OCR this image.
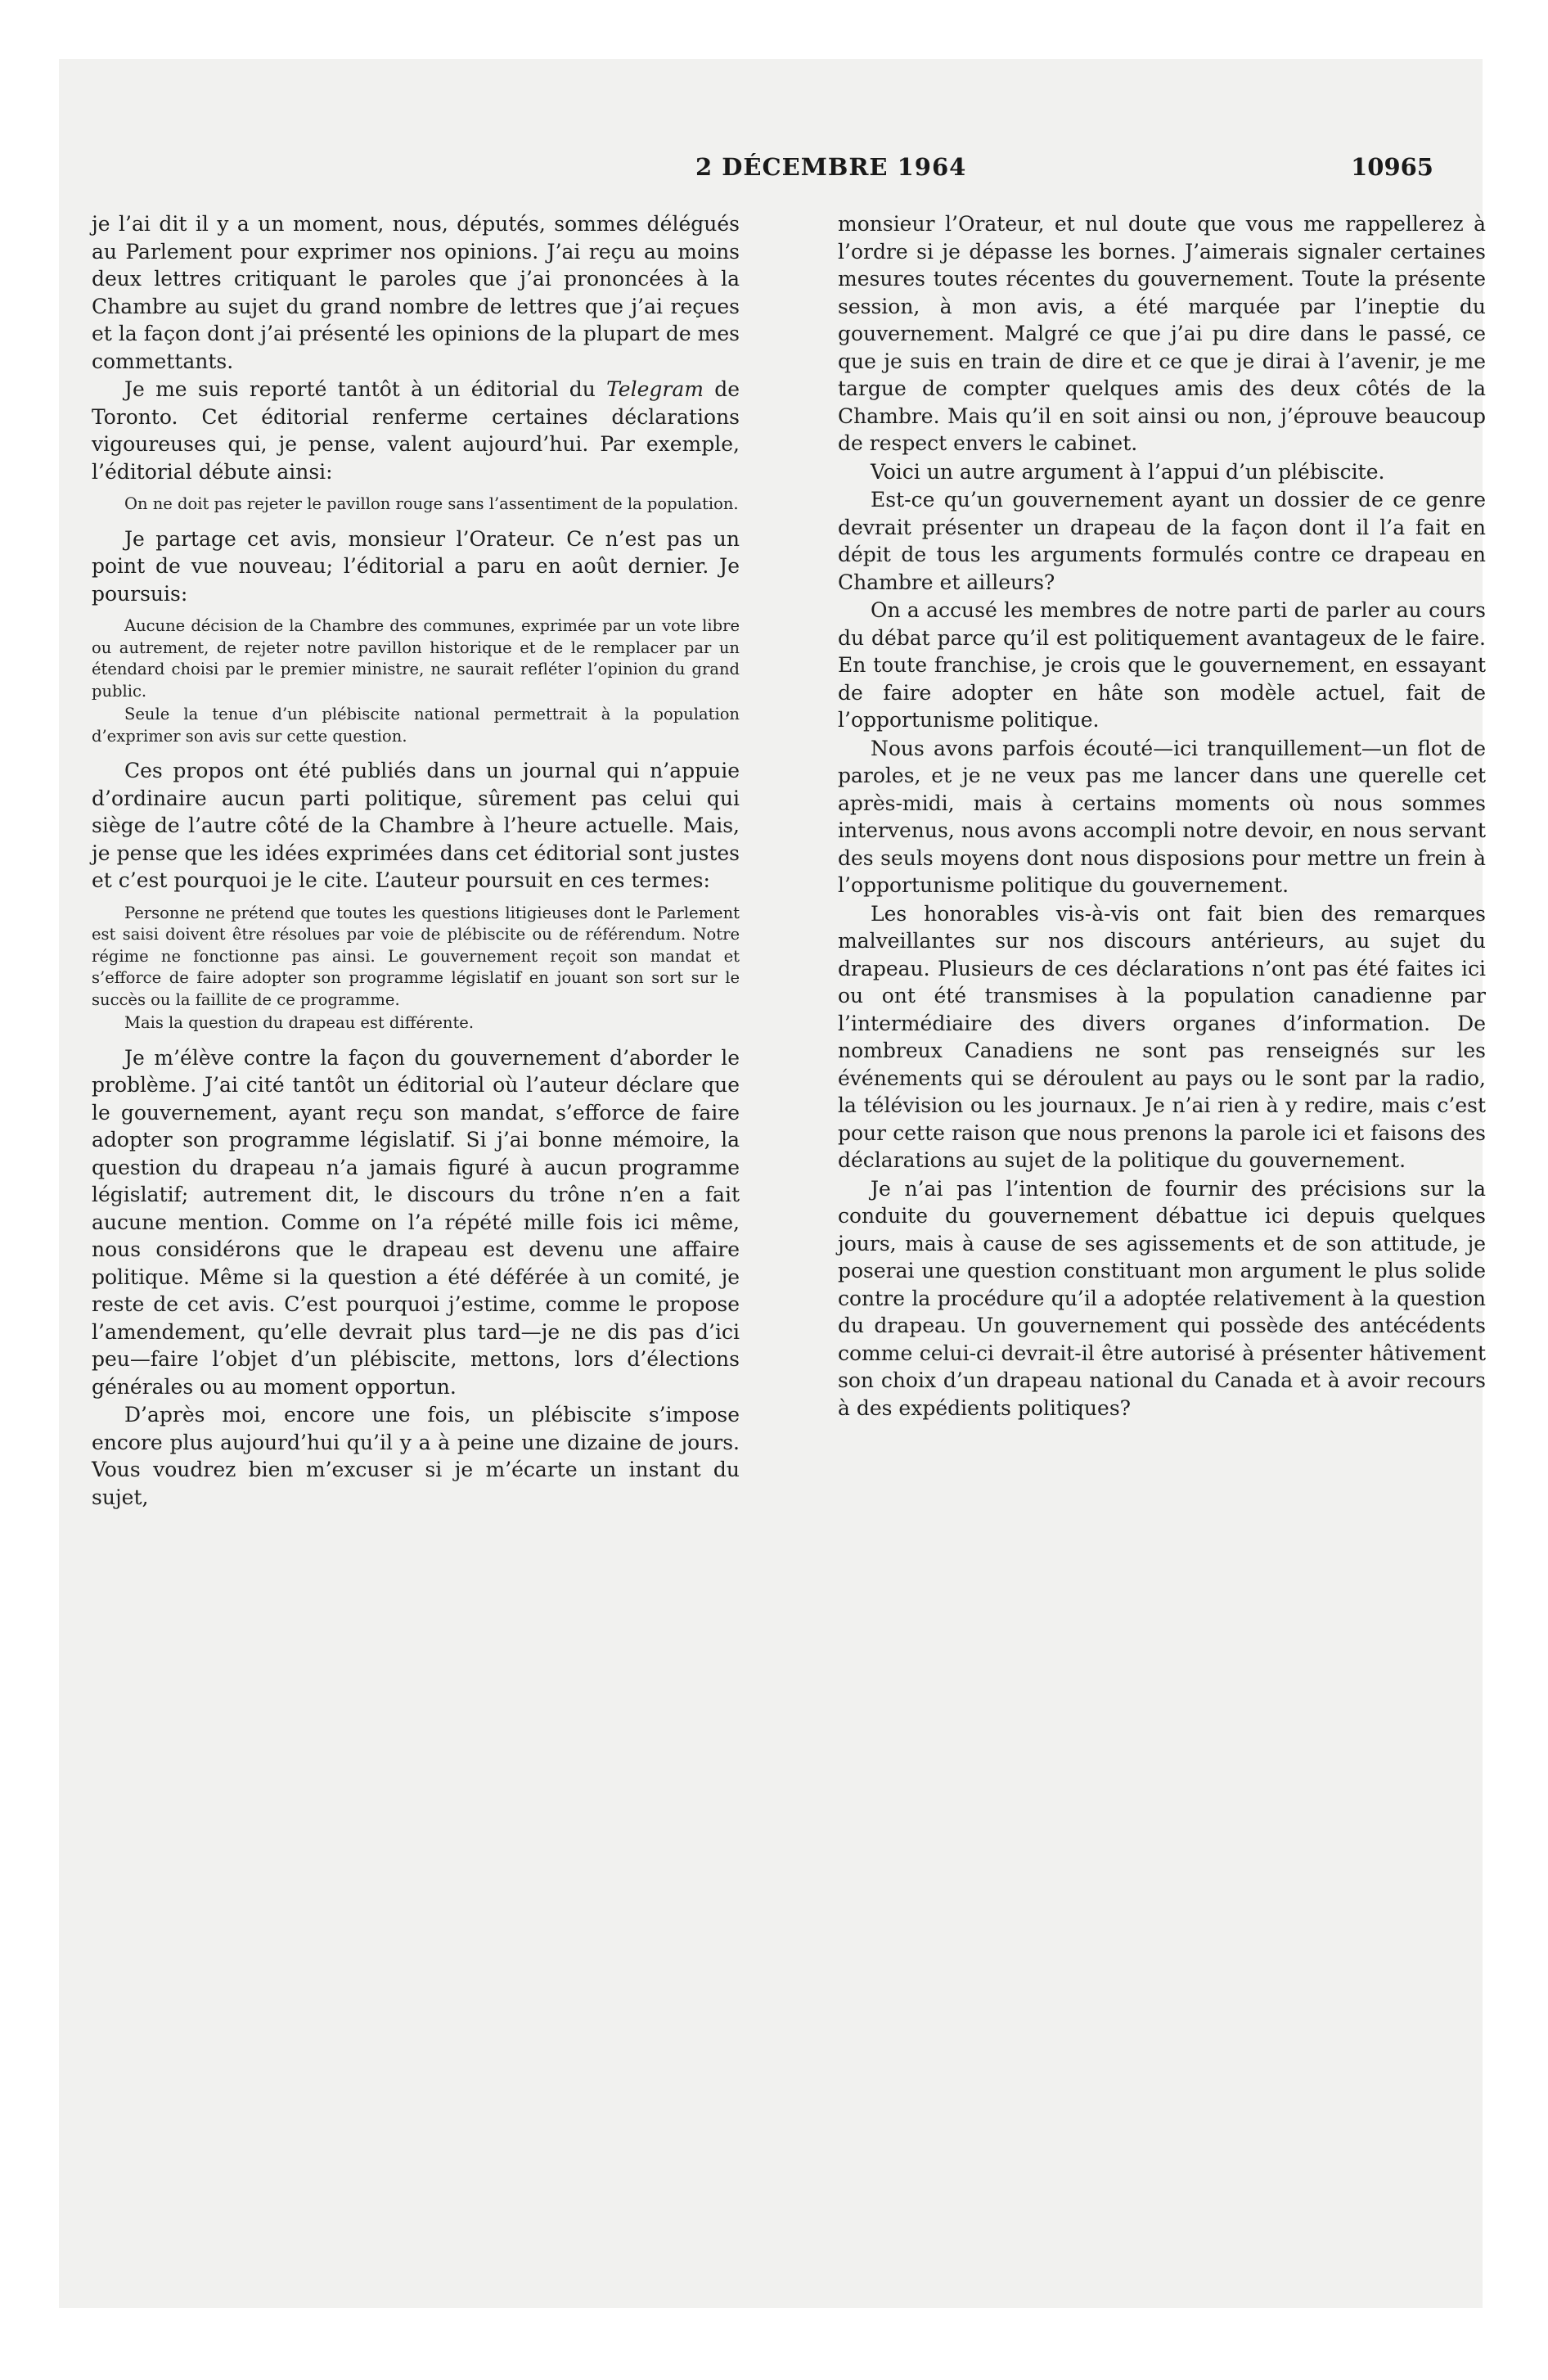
2 DÉCEMBRE 1964	10965

je l’ai dit il y a un moment, nous, députés, sommes délégués au Parlement pour exprimer nos opinions. J’ai reçu au moins deux lettres critiquant le paroles que j’ai prononcées à la Chambre au sujet du grand nombre de lettres que j’ai reçues et la façon dont j’ai présenté les opinions de la plupart de mes commettants.

Je me suis reporté tantôt à un éditorial du Telegram de Toronto. Cet éditorial renferme certaines déclarations vigoureuses qui, je pense, valent aujourd’hui. Par exemple, l’éditorial débute ainsi:

On ne doit pas rejeter le pavillon rouge sans l’assentiment de la population.

Je partage cet avis, monsieur l’Orateur. Ce n’est pas un point de vue nouveau; l’éditorial a paru en août dernier. Je poursuis:

Aucune décision de la Chambre des communes, exprimée par un vote libre ou autrement, de rejeter notre pavillon historique et de le remplacer par un étendard choisi par le premier ministre, ne saurait refléter l’opinion du grand public.

Seule la tenue d’un plébiscite national permettrait à la population d’exprimer son avis sur cette question.

Ces propos ont été publiés dans un journal qui n’appuie d’ordinaire aucun parti politique, sûrement pas celui qui siège de l’autre côté de la Chambre à l’heure actuelle. Mais, je pense que les idées exprimées dans cet éditorial sont justes et c’est pourquoi je le cite. L’auteur poursuit en ces termes:

Personne ne prétend que toutes les questions litigieuses dont le Parlement est saisi doivent être résolues par voie de plébiscite ou de référendum. Notre régime ne fonctionne pas ainsi. Le gouvernement reçoit son mandat et s’efforce de faire adopter son programme législatif en jouant son sort sur le succès ou la faillite de ce programme.

Mais la question du drapeau est différente.

Je m’élève contre la façon du gouvernement d’aborder le problème. J’ai cité tantôt un éditorial où l’auteur déclare que le gouvernement, ayant reçu son mandat, s’efforce de faire adopter son programme législatif. Si j’ai bonne mémoire, la question du drapeau n’a jamais figuré à aucun programme législatif; autrement dit, le discours du trône n’en a fait aucune mention. Comme on l’a répété mille fois ici même, nous considérons que le drapeau est devenu une affaire politique. Même si la question a été déférée à un comité, je reste de cet avis. C’est pourquoi j’estime, comme le propose l’amendement, qu’elle devrait plus tard—je ne dis pas d’ici peu—faire l’objet d’un plébiscite, mettons, lors d’élections générales ou au moment opportun.

D’après moi, encore une fois, un plébiscite s’impose encore plus aujourd’hui qu’il y a à peine une dizaine de jours. Vous voudrez bien m’excuser si je m’écarte un instant du sujet,

monsieur l’Orateur, et nul doute que vous me rappellerez à l’ordre si je dépasse les bornes. J’aimerais signaler certaines mesures toutes récentes du gouvernement. Toute la présente session, à mon avis, a été marquée par l’ineptie du gouvernement. Malgré ce que j’ai pu dire dans le passé, ce que je suis en train de dire et ce que je dirai à l’avenir, je me targue de compter quelques amis des deux côtés de la Chambre. Mais qu’il en soit ainsi ou non, j’éprouve beaucoup de respect envers le cabinet.

Voici un autre argument à l’appui d’un plébiscite.

Est-ce qu’un gouvernement ayant un dossier de ce genre devrait présenter un drapeau de la façon dont il l’a fait en dépit de tous les arguments formulés contre ce drapeau en Chambre et ailleurs?

On a accusé les membres de notre parti de parler au cours du débat parce qu’il est politiquement avantageux de le faire. En toute franchise, je crois que le gouvernement, en essayant de faire adopter en hâte son modèle actuel, fait de l’opportunisme politique.

Nous avons parfois écouté—ici tranquillement—un flot de paroles, et je ne veux pas me lancer dans une querelle cet après-midi, mais à certains moments où nous sommes intervenus, nous avons accompli notre devoir, en nous servant des seuls moyens dont nous disposions pour mettre un frein à l’opportunisme politique du gouvernement.

Les honorables vis-à-vis ont fait bien des remarques malveillantes sur nos discours antérieurs, au sujet du drapeau. Plusieurs de ces déclarations n’ont pas été faites ici ou ont été transmises à la population canadienne par l’intermédiaire des divers organes d’information. De nombreux Canadiens ne sont pas renseignés sur les événements qui se déroulent au pays ou le sont par la radio, la télévision ou les journaux. Je n’ai rien à y redire, mais c’est pour cette raison que nous prenons la parole ici et faisons des déclarations au sujet de la politique du gouvernement.

Je n’ai pas l’intention de fournir des précisions sur la conduite du gouvernement débattue ici depuis quelques jours, mais à cause de ses agissements et de son attitude, je poserai une question constituant mon argument le plus solide contre la procédure qu’il a adoptée relativement à la question du drapeau. Un gouvernement qui possède des antécédents comme celui-ci devrait-il être autorisé à présenter hâtivement son choix d’un drapeau national du Canada et à avoir recours à des expédients politiques?
